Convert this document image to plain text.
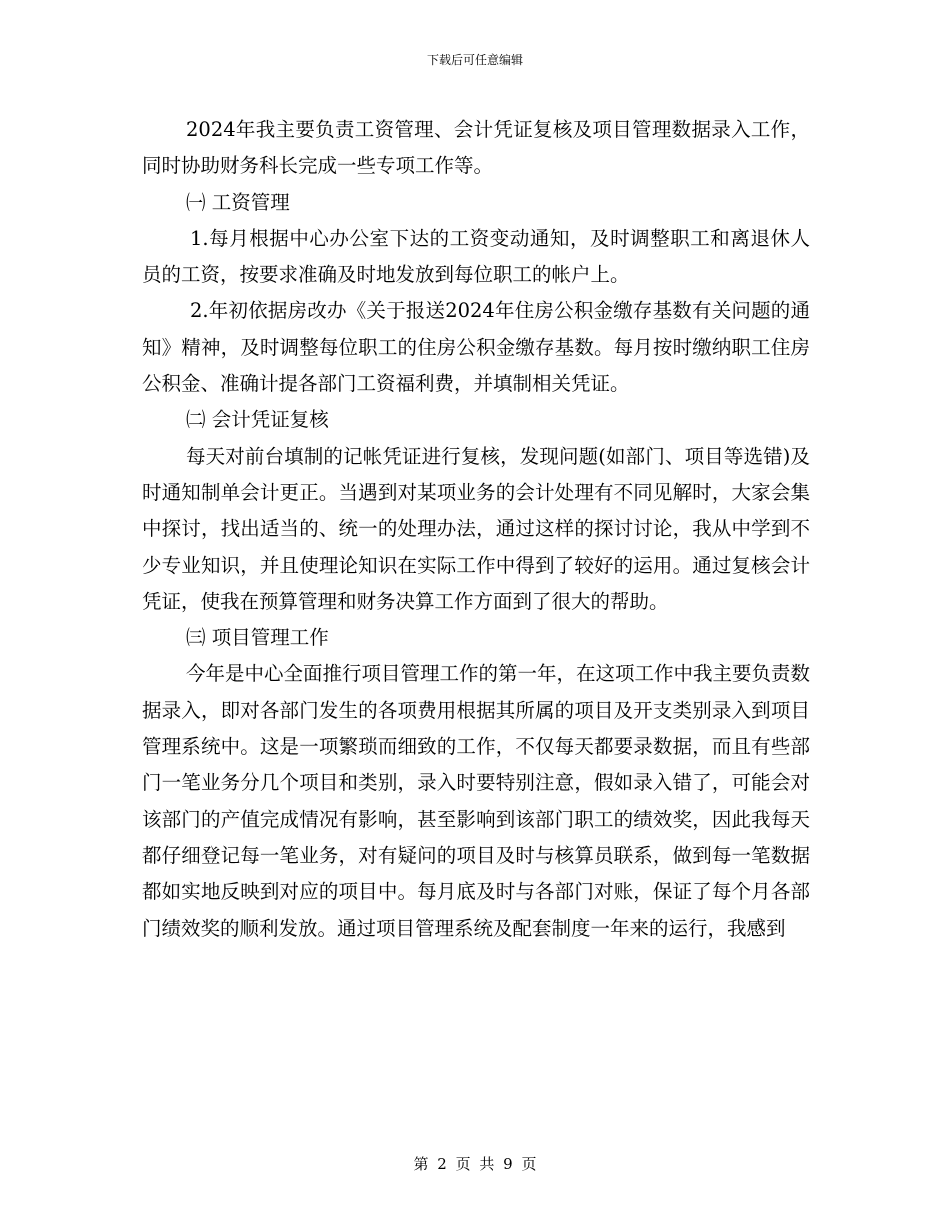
下载后可任意编辑

2024年我主要负责工资管理、会计凭证复核及项目管理数据录入工作，同时协助财务科长完成一些专项工作等。

㈠ 工资管理

1.每月根据中心办公室下达的工资变动通知，及时调整职工和离退休人员的工资，按要求准确及时地发放到每位职工的帐户上。

2.年初依据房改办《关于报送2024年住房公积金缴存基数有关问题的通知》精神，及时调整每位职工的住房公积金缴存基数。每月按时缴纳职工住房公积金、准确计提各部门工资福利费，并填制相关凭证。

㈡ 会计凭证复核

每天对前台填制的记帐凭证进行复核，发现问题(如部门、项目等选错)及时通知制单会计更正。当遇到对某项业务的会计处理有不同见解时，大家会集中探讨，找出适当的、统一的处理办法，通过这样的探讨讨论，我从中学到不少专业知识，并且使理论知识在实际工作中得到了较好的运用。通过复核会计凭证，使我在预算管理和财务决算工作方面到了很大的帮助。

㈢ 项目管理工作

今年是中心全面推行项目管理工作的第一年，在这项工作中我主要负责数据录入，即对各部门发生的各项费用根据其所属的项目及开支类别录入到项目管理系统中。这是一项繁琐而细致的工作，不仅每天都要录数据，而且有些部门一笔业务分几个项目和类别，录入时要特别注意，假如录入错了，可能会对该部门的产值完成情况有影响，甚至影响到该部门职工的绩效奖，因此我每天都仔细登记每一笔业务，对有疑问的项目及时与核算员联系，做到每一笔数据都如实地反映到对应的项目中。每月底及时与各部门对账，保证了每个月各部门绩效奖的顺利发放。通过项目管理系统及配套制度一年来的运行，我感到

第 2 页 共 9 页
